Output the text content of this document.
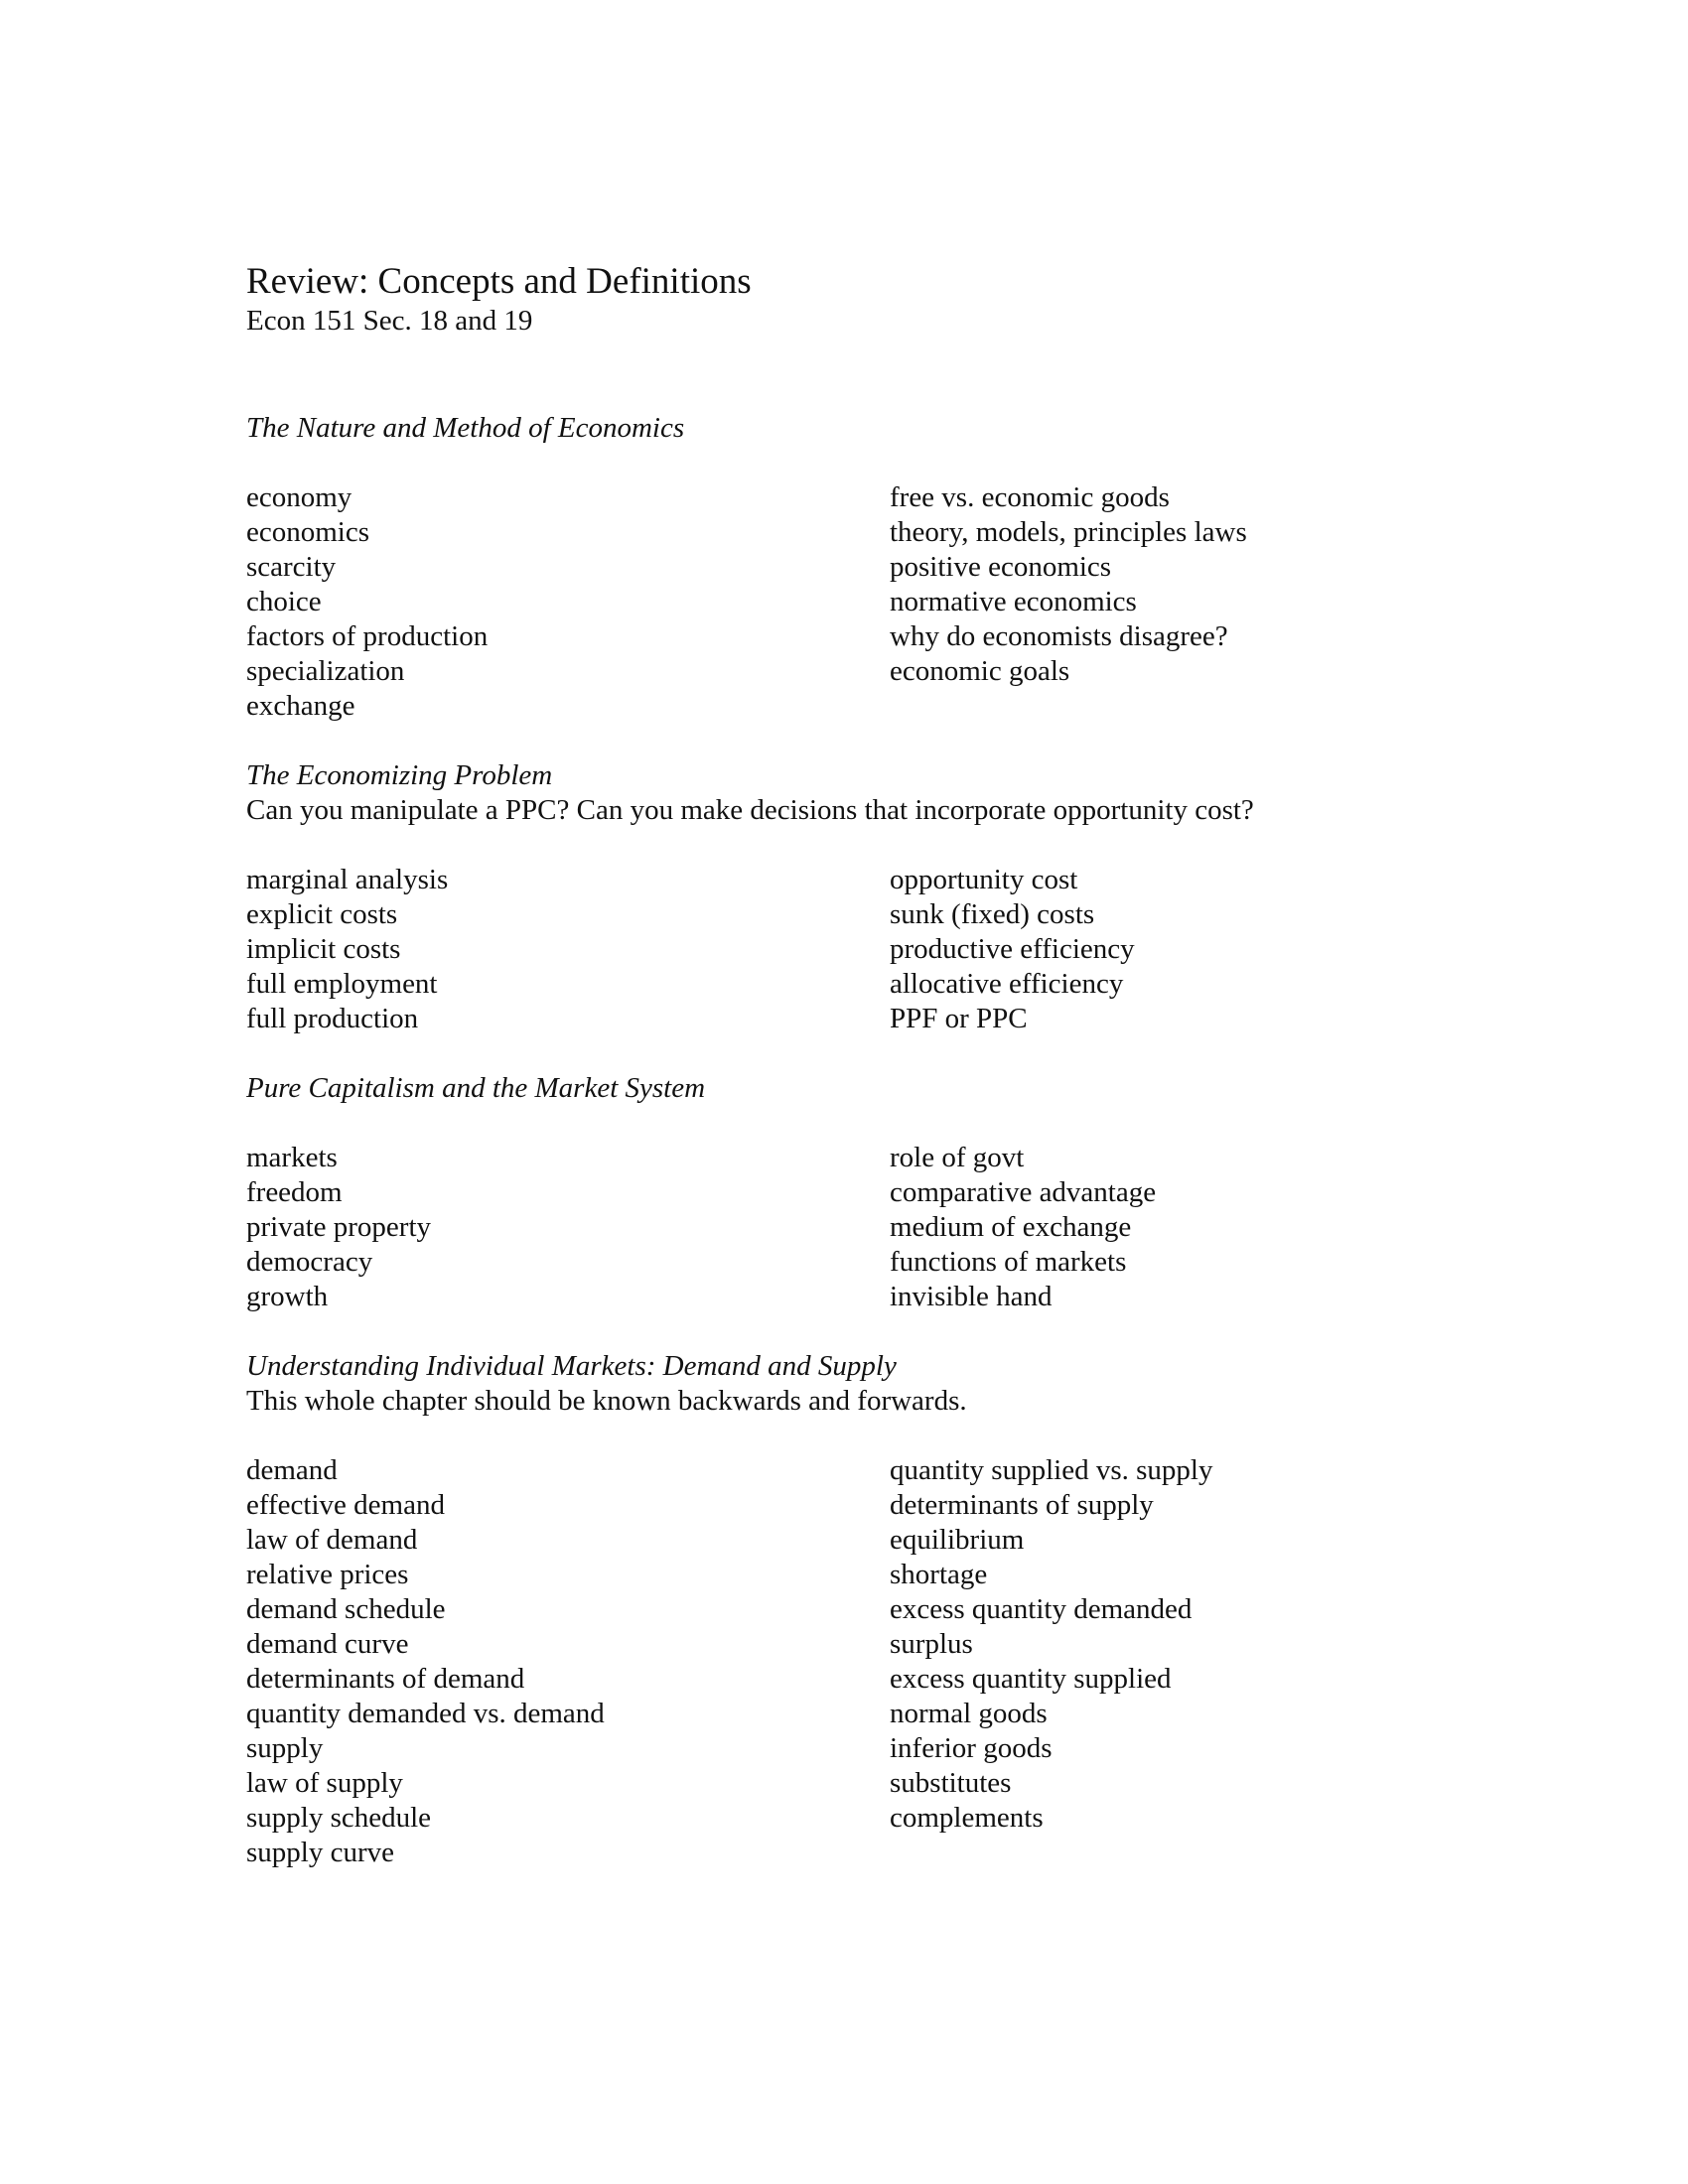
Review: Concepts and Definitions

Econ 151 Sec. 18 and 19

The Nature and Method of Economics

economy
economics
scarcity
choice
factors of production
specialization
exchange
free vs. economic goods
theory, models, principles laws
positive economics
normative economics
why do economists disagree?
economic goals

The Economizing Problem

Can you manipulate a PPC? Can you make decisions that incorporate opportunity cost?

marginal analysis
explicit costs
implicit costs
full employment
full production
opportunity cost
sunk (fixed) costs
productive efficiency
allocative efficiency
PPF or PPC

Pure Capitalism and the Market System

markets
freedom
private property
democracy
growth
role of govt
comparative advantage
medium of exchange
functions of markets
invisible hand

Understanding Individual Markets: Demand and Supply

This whole chapter should be known backwards and forwards.

demand
effective demand
law of demand
relative prices
demand schedule
demand curve
determinants of demand
quantity demanded vs. demand
supply
law of supply
supply schedule
supply curve
quantity supplied vs. supply
determinants of supply
equilibrium
shortage
excess quantity demanded
surplus
excess quantity supplied
normal goods
inferior goods
substitutes
complements
